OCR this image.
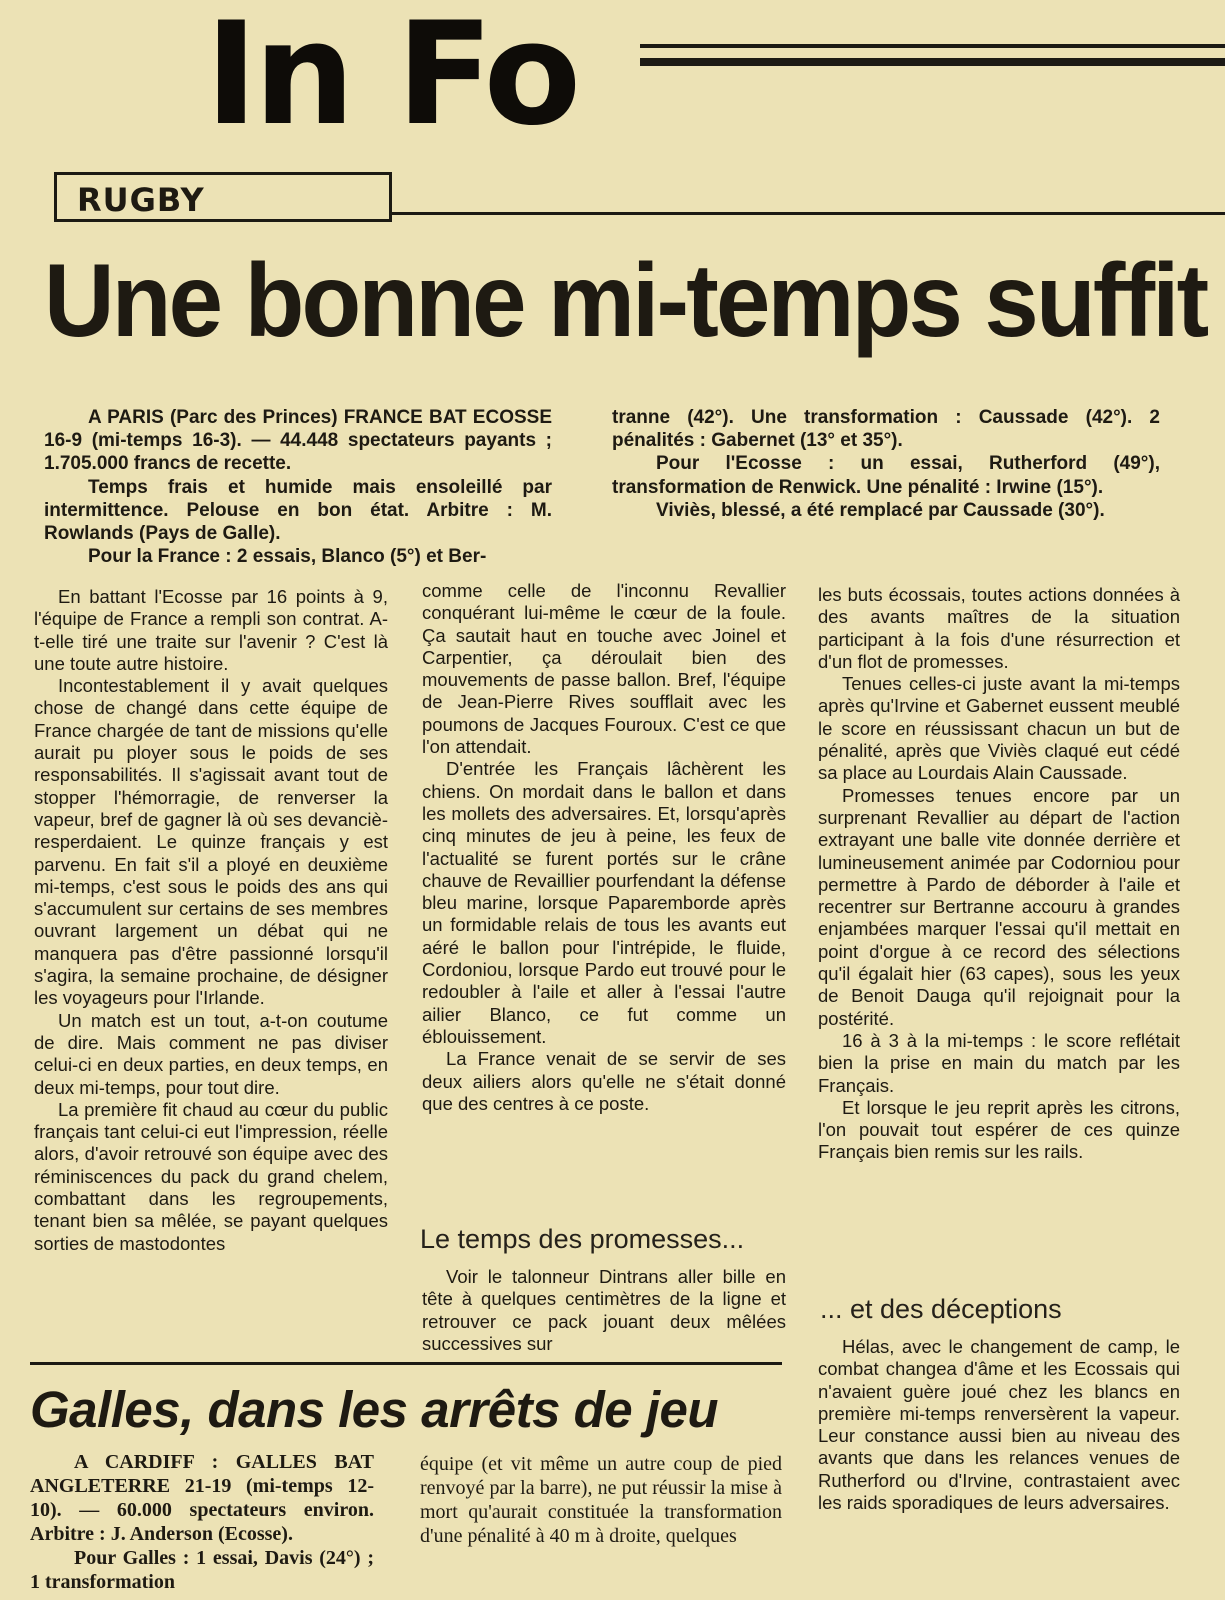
In Fo
RUGBY
Une bonne mi-temps suffit

A PARIS (Parc des Princes) FRANCE BAT ECOSSE 16-9 (mi-temps 16-3). — 44.448 spectateurs payants ; 1.705.000 francs de recette.

Temps frais et humide mais ensoleillé par intermittence. Pelouse en bon état. Arbitre : M. Rowlands (Pays de Galle).

Pour la France : 2 essais, Blanco (5°) et Ber-

tranne (42°). Une transformation : Caussade (42°). 2 pénalités : Gabernet (13° et 35°).

Pour l'Ecosse : un essai, Rutherford (49°), transformation de Renwick. Une pénalité : Irwine (15°).

Viviès, blessé, a été remplacé par Caussade (30°).

En battant l'Ecosse par 16 points à 9, l'équipe de France a rempli son contrat. A-t-elle tiré une traite sur l'avenir ? C'est là une toute autre histoire.

Incontestablement il y avait quelques chose de changé dans cette équipe de France chargée de tant de missions qu'elle aurait pu ployer sous le poids de ses responsabilités. Il s'agissait avant tout de stopper l'hémorragie, de renverser la vapeur, bref de gagner là où ses devanciè-resperdaient. Le quinze français y est parvenu. En fait s'il a ployé en deuxième mi-temps, c'est sous le poids des ans qui s'accumulent sur certains de ses membres ouvrant largement un débat qui ne manquera pas d'être passionné lorsqu'il s'agira, la semaine prochaine, de désigner les voyageurs pour l'Irlande.

Un match est un tout, a-t-on coutume de dire. Mais comment ne pas diviser celui-ci en deux parties, en deux temps, en deux mi-temps, pour tout dire.

La première fit chaud au cœur du public français tant celui-ci eut l'impression, réelle alors, d'avoir retrouvé son équipe avec des réminiscences du pack du grand chelem, combattant dans les regroupements, tenant bien sa mêlée, se payant quelques sorties de mastodontes

comme celle de l'inconnu Revallier conquérant lui-même le cœur de la foule. Ça sautait haut en touche avec Joinel et Carpentier, ça déroulait bien des mouvements de passe ballon. Bref, l'équipe de Jean-Pierre Rives soufflait avec les poumons de Jacques Fouroux. C'est ce que l'on attendait.

D'entrée les Français lâchèrent les chiens. On mordait dans le ballon et dans les mollets des adversaires. Et, lorsqu'après cinq minutes de jeu à peine, les feux de l'actualité se furent portés sur le crâne chauve de Revaillier pourfendant la défense bleu marine, lorsque Paparemborde après un formidable relais de tous les avants eut aéré le ballon pour l'intrépide, le fluide, Cordoniou, lorsque Pardo eut trouvé pour le redoubler à l'aile et aller à l'essai l'autre ailier Blanco, ce fut comme un éblouissement.

La France venait de se servir de ses deux ailiers alors qu'elle ne s'était donné que des centres à ce poste.

Le temps des promesses...

Voir le talonneur Dintrans aller bille en tête à quelques centimètres de la ligne et retrouver ce pack jouant deux mêlées successives sur

les buts écossais, toutes actions données à des avants maîtres de la situation participant à la fois d'une résurrection et d'un flot de promesses.

Tenues celles-ci juste avant la mi-temps après qu'Irvine et Gabernet eussent meublé le score en réussissant chacun un but de pénalité, après que Viviès claqué eut cédé sa place au Lourdais Alain Caussade.

Promesses tenues encore par un surprenant Revallier au départ de l'action extrayant une balle vite donnée derrière et lumineusement animée par Codorniou pour permettre à Pardo de déborder à l'aile et recentrer sur Bertranne accouru à grandes enjambées marquer l'essai qu'il mettait en point d'orgue à ce record des sélections qu'il égalait hier (63 capes), sous les yeux de Benoit Dauga qu'il rejoignait pour la postérité.

16 à 3 à la mi-temps : le score reflétait bien la prise en main du match par les Français.

Et lorsque le jeu reprit après les citrons, l'on pouvait tout espérer de ces quinze Français bien remis sur les rails.

... et des déceptions

Hélas, avec le changement de camp, le combat changea d'âme et les Ecossais qui n'avaient guère joué chez les blancs en première mi-temps renversèrent la vapeur. Leur constance aussi bien au niveau des avants que dans les relances venues de Rutherford ou d'Irvine, contrastaient avec les raids sporadiques de leurs adversaires.

Galles, dans les arrêts de jeu

A CARDIFF : GALLES BAT ANGLETERRE 21-19 (mi-temps 12-10). — 60.000 spectateurs environ. Arbitre : J. Anderson (Ecosse).

Pour Galles : 1 essai, Davis (24°) ; 1 transformation

équipe (et vit même un autre coup de pied renvoyé par la barre), ne put réussir la mise à mort qu'aurait constituée la transformation d'une pénalité à 40 m à droite, quelques
